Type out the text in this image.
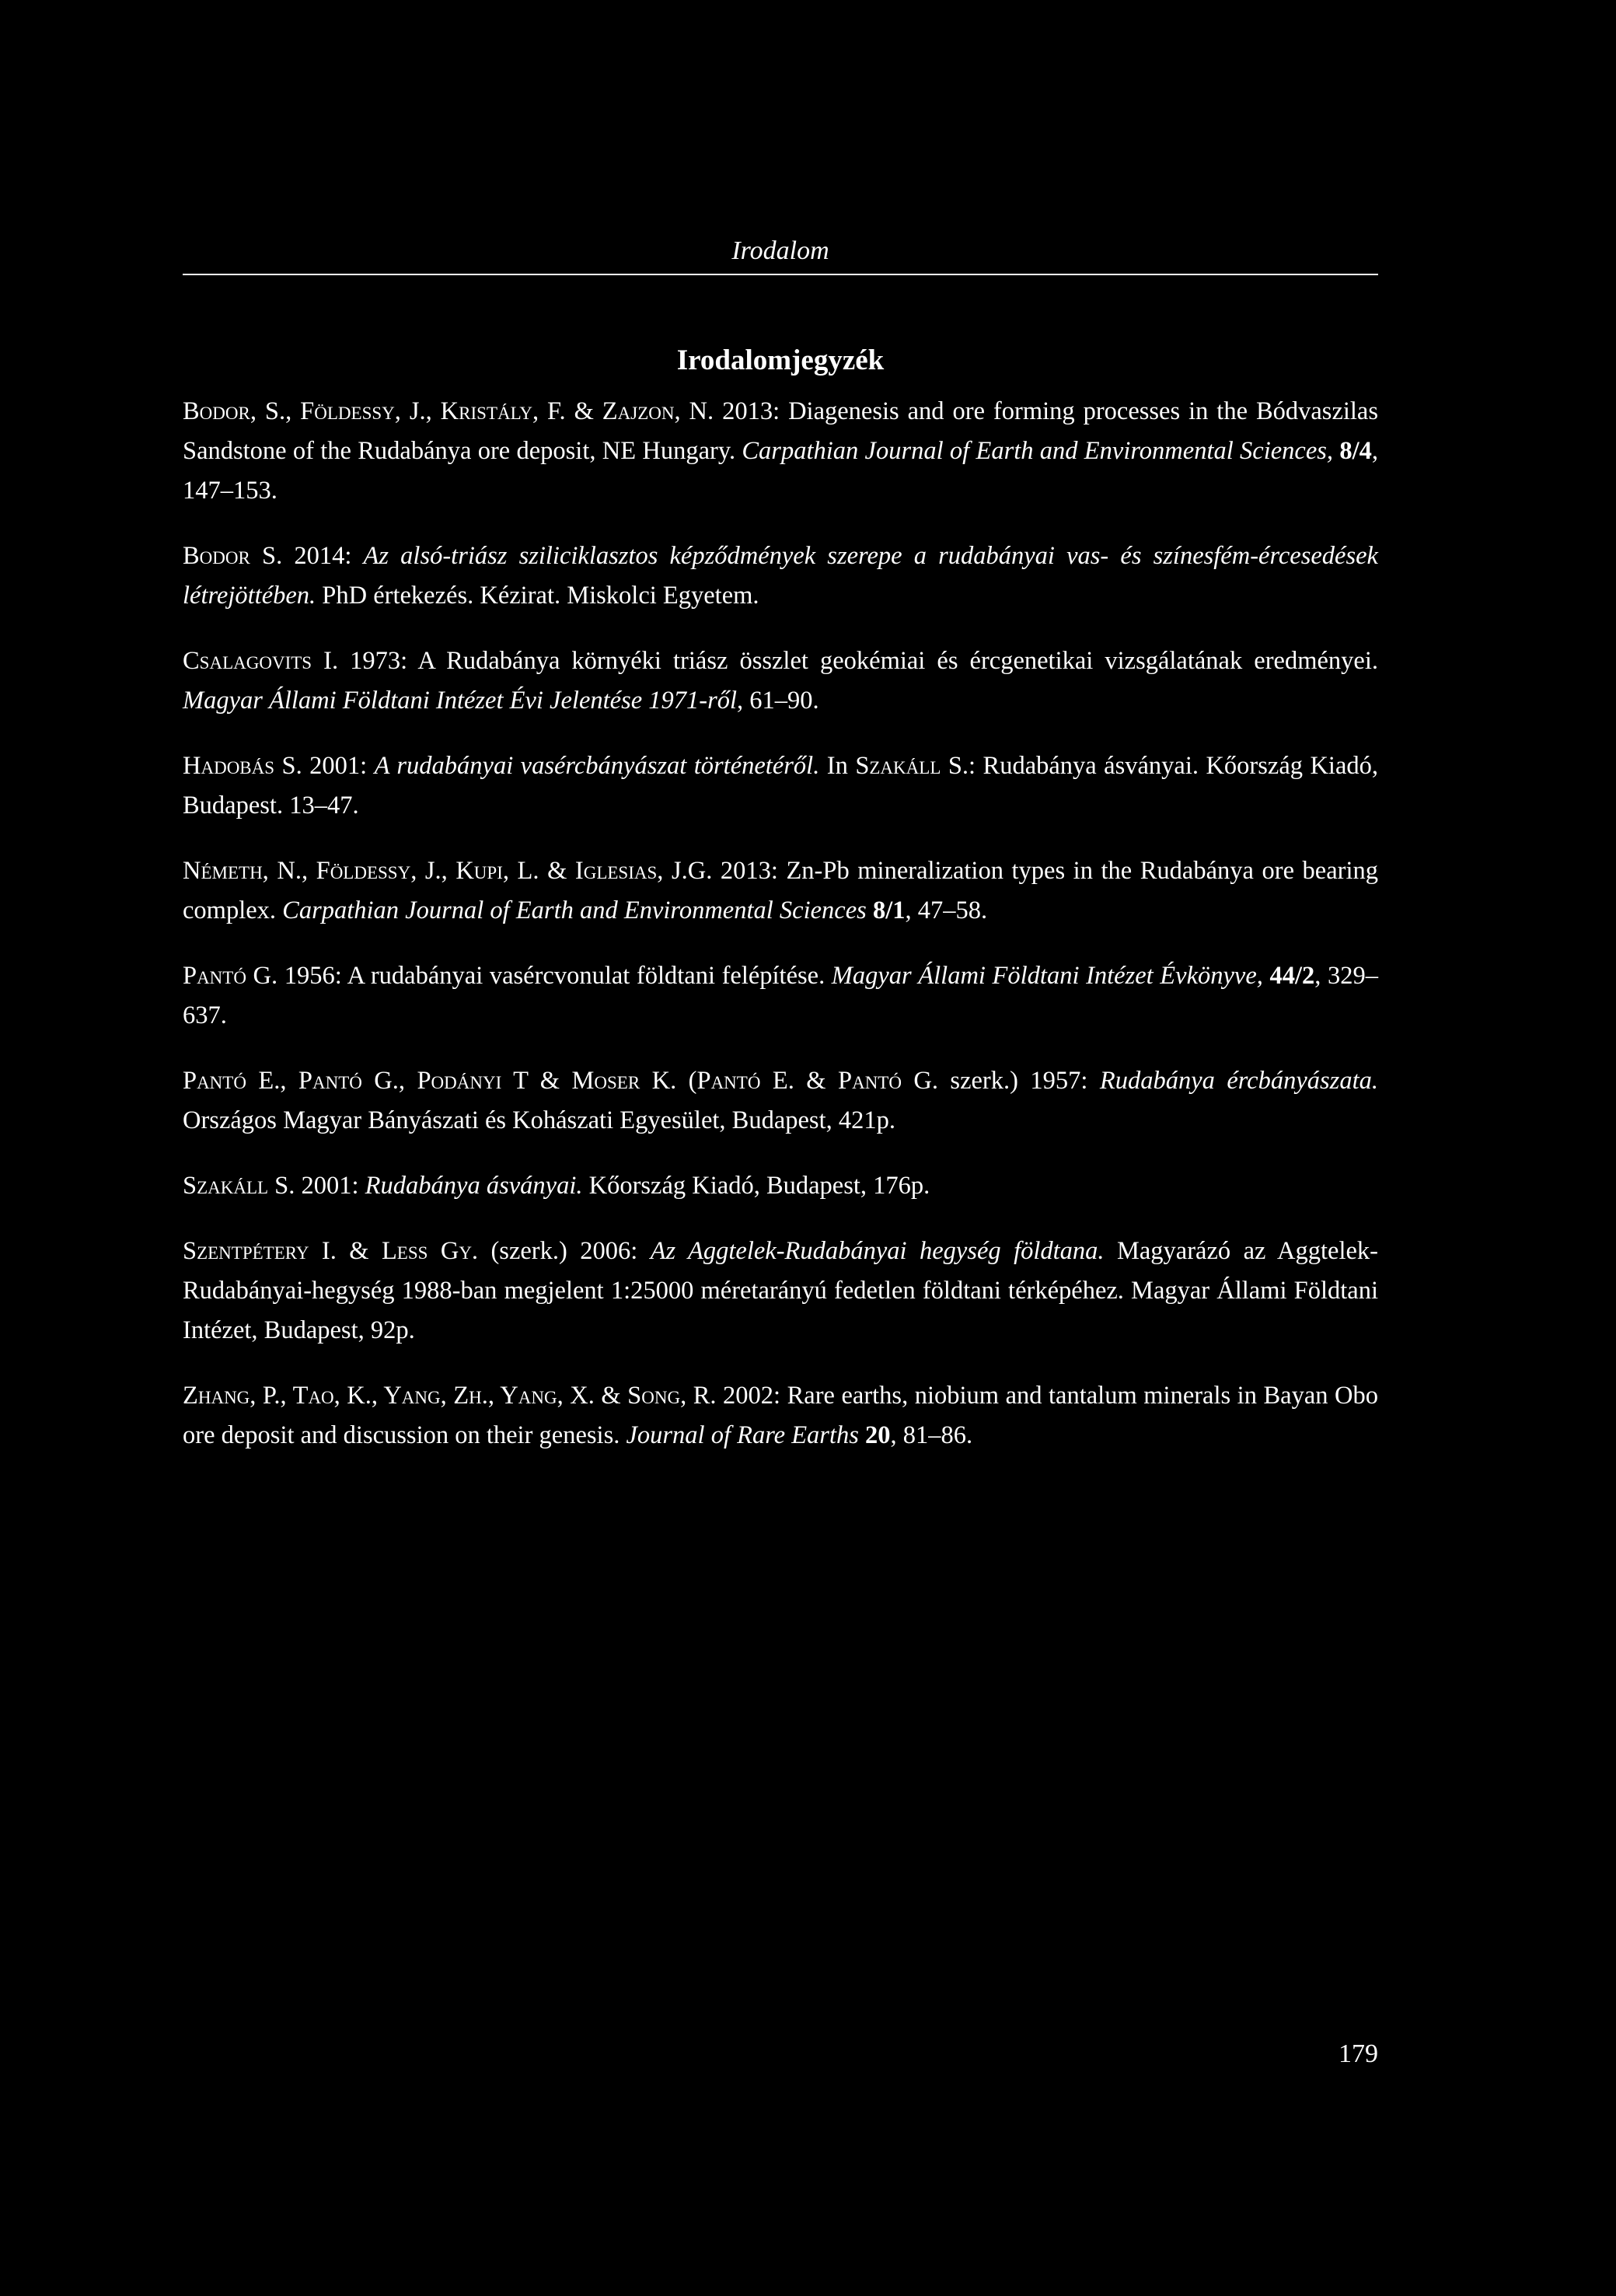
Irodalom
Irodalomjegyzék

Bodor, S., Földessy, J., Kristály, F. & Zajzon, N. 2013: Diagenesis and ore forming processes in the Bódvaszilas Sandstone of the Rudabánya ore deposit, NE Hungary. Carpathian Journal of Earth and Environmental Sciences, 8/4, 147–153.

Bodor S. 2014: Az alsó-triász sziliciklasztos képződmények szerepe a rudabányai vas- és színesfém-ércesedések létrejöttében. PhD értekezés. Kézirat. Miskolci Egyetem.

Csalagovits I. 1973: A Rudabánya környéki triász összlet geokémiai és ércgenetikai vizsgálatának eredményei. Magyar Állami Földtani Intézet Évi Jelentése 1971-ről, 61–90.

Hadobás S. 2001: A rudabányai vasércbányászat történetéről. In Szakáll S.: Rudabánya ásványai. Kőország Kiadó, Budapest. 13–47.

Németh, N., Földessy, J., Kupi, L. & Iglesias, J.G. 2013: Zn-Pb mineralization types in the Rudabánya ore bearing complex. Carpathian Journal of Earth and Environmental Sciences 8/1, 47–58.

Pantó G. 1956: A rudabányai vasércvonulat földtani felépítése. Magyar Állami Földtani Intézet Évkönyve, 44/2, 329–637.

Pantó E., Pantó G., Podányi T & Moser K. (Pantó E. & Pantó G. szerk.) 1957: Rudabánya ércbányászata. Országos Magyar Bányászati és Kohászati Egyesület, Budapest, 421p.

Szakáll S. 2001: Rudabánya ásványai. Kőország Kiadó, Budapest, 176p.

Szentpétery I. & Less Gy. (szerk.) 2006: Az Aggtelek-Rudabányai hegység földtana. Magyarázó az Aggtelek-Rudabányai-hegység 1988-ban megjelent 1:25000 méretarányú fedetlen földtani térképéhez. Magyar Állami Földtani Intézet, Budapest, 92p.

Zhang, P., Tao, K., Yang, Zh., Yang, X. & Song, R. 2002: Rare earths, niobium and tantalum minerals in Bayan Obo ore deposit and discussion on their genesis. Journal of Rare Earths 20, 81–86.

179
